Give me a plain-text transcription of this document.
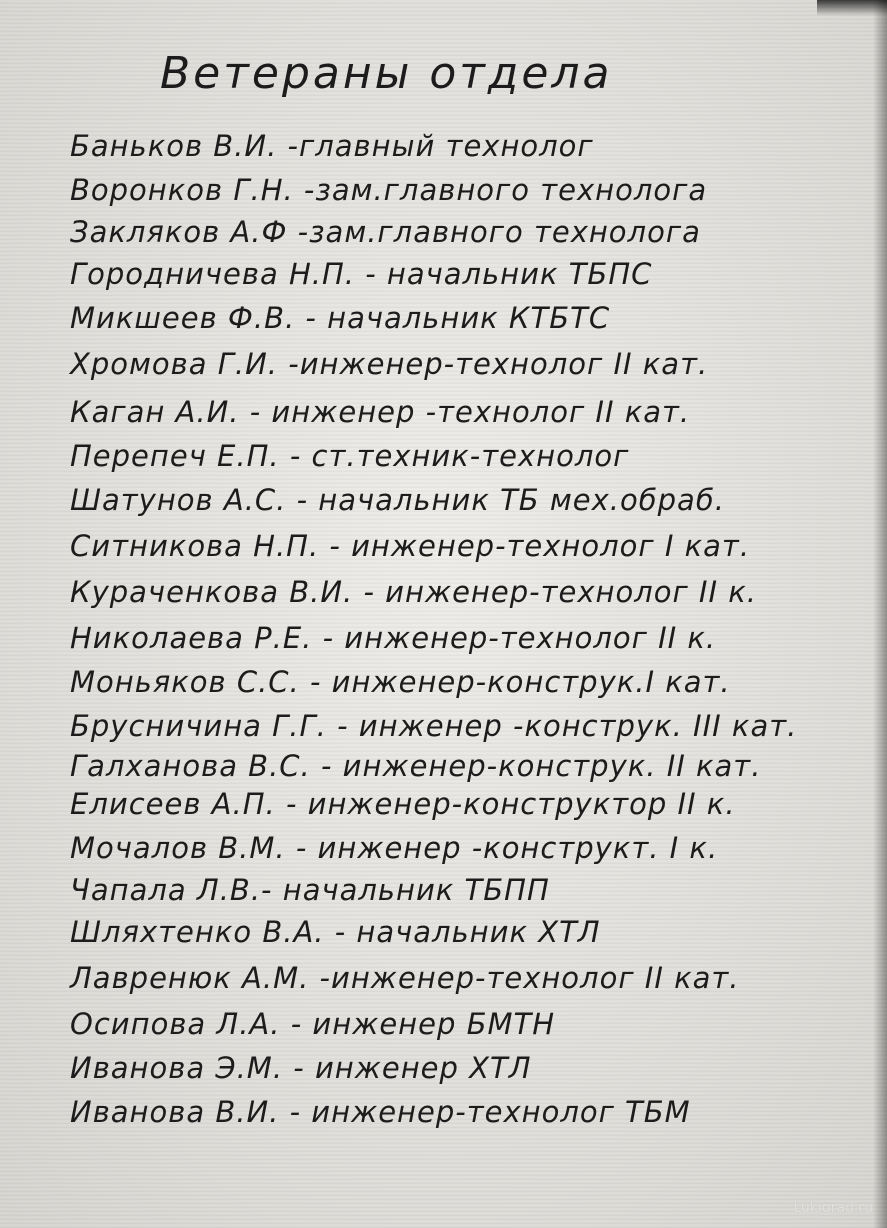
Ветераны отдела
Баньков В.И. -главный технолог
Воронков Г.Н. -зам.главного технолога
Закляков А.Ф -зам.главного технолога
Городничева Н.П. - начальник ТБПС
Микшеев Ф.В. - начальник КТБТС
Хромова Г.И. -инженер-технолог II кат.
Каган А.И. - инженер -технолог II кат.
Перепеч Е.П. - ст.техник-технолог
Шатунов А.С. - начальник ТБ мех.обраб.
Ситникова Н.П. - инженер-технолог I кат.
Кураченкова В.И. - инженер-технолог II к.
Николаева Р.Е. - инженер-технолог II к.
Моньяков С.С. - инженер-конструк.I кат.
Брусничина Г.Г. - инженер -конструк. III кат.
Галханова В.С. - инженер-конструк. II кат.
Елисеев А.П. - инженер-конструктор II к.
Мочалов В.М. - инженер -конструкт. I к.
Чапала Л.В.- начальник ТБПП
Шляхтенко В.А. - начальник ХТЛ
Лавренюк А.М. -инженер-технолог II кат.
Осипова Л.А. - инженер БМТН
Иванова Э.М. - инженер ХТЛ
Иванова В.И. - инженер-технолог ТБМ
Lukigrad.ru
